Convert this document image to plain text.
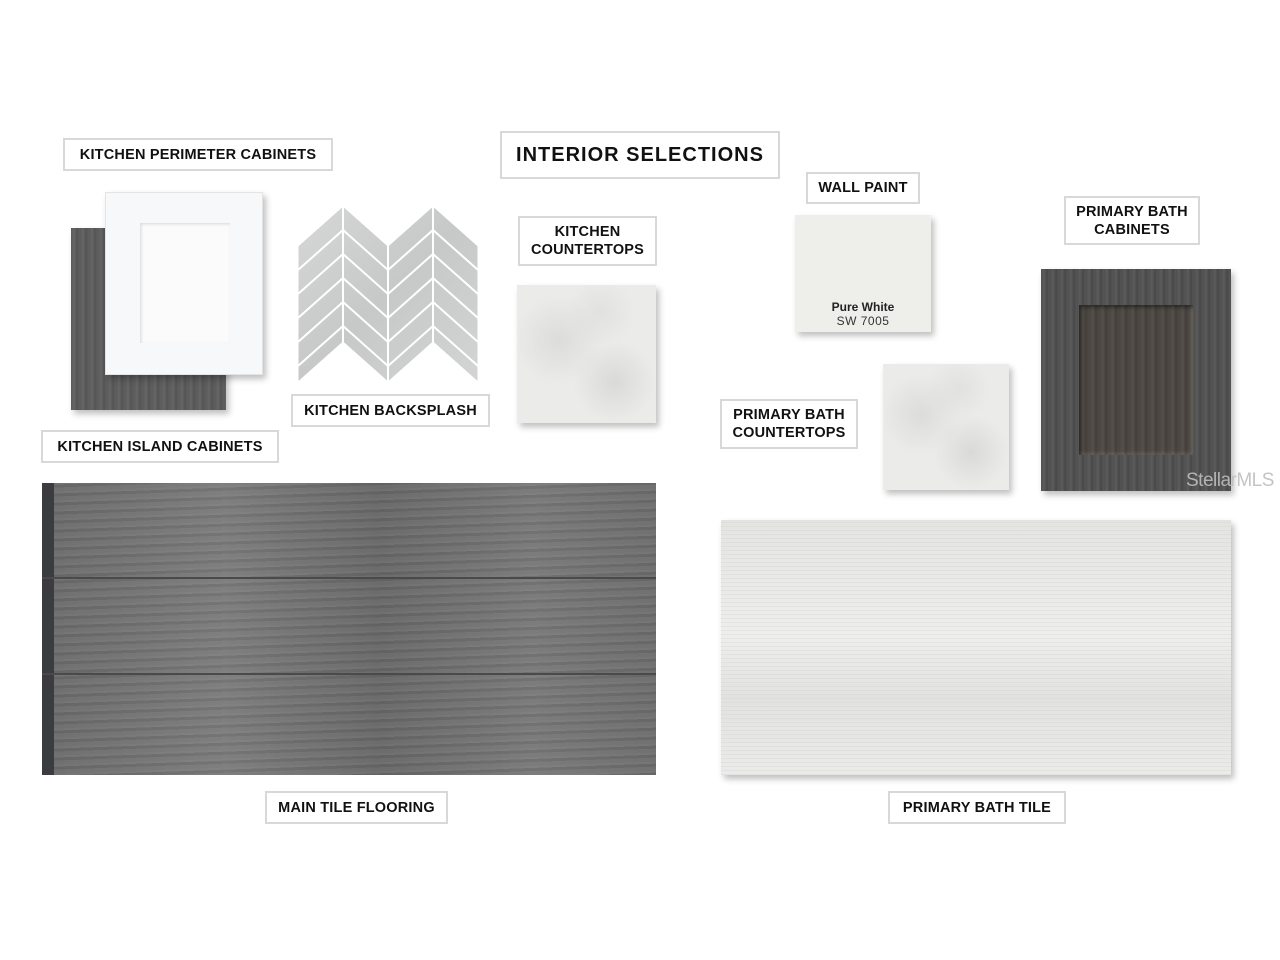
INTERIOR SELECTIONS
KITCHEN PERIMETER CABINETS
KITCHEN ISLAND CABINETS
KITCHEN BACKSPLASH
KITCHEN
COUNTERTOPS
WALL PAINT
Pure White
SW 7005
PRIMARY BATH
CABINETS
PRIMARY BATH
COUNTERTOPS
MAIN TILE FLOORING	PRIMARY BATH TILE
StellarMLS
